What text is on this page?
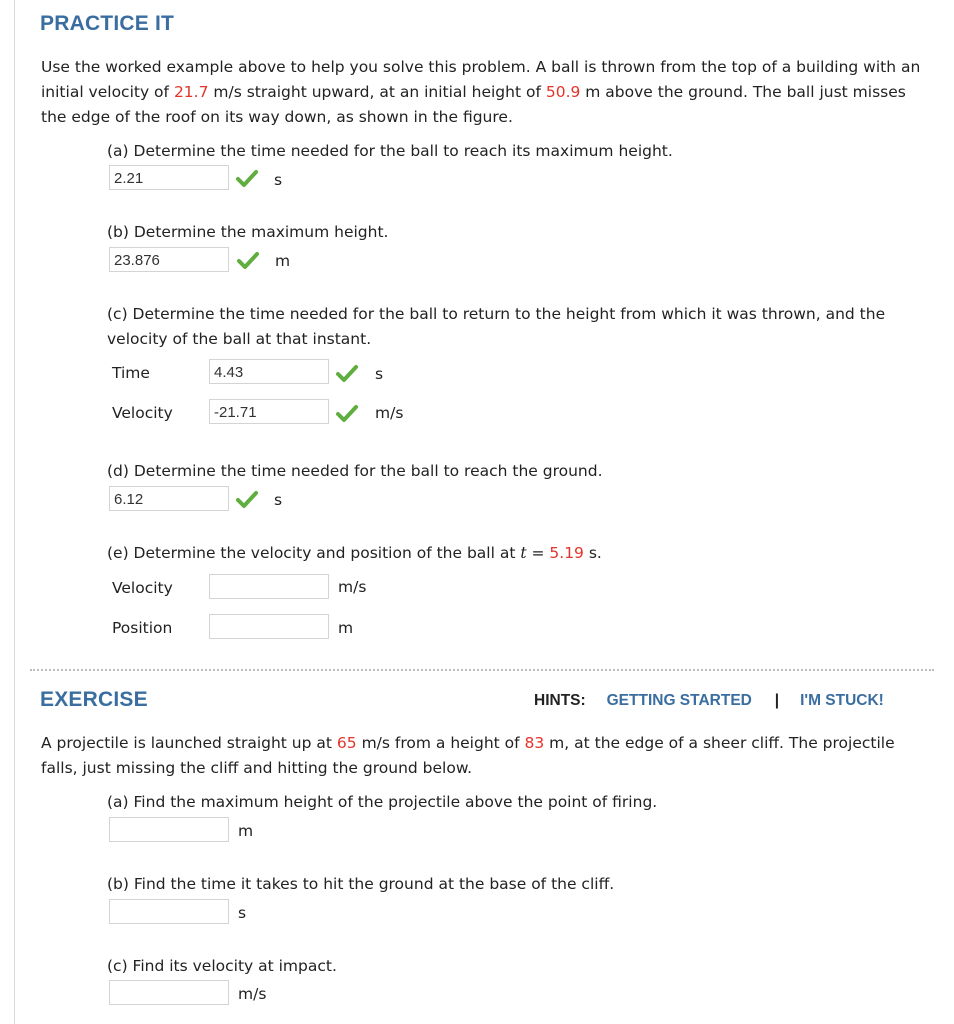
PRACTICE IT
Use the worked example above to help you solve this problem. A ball is thrown from the top of a building with an initial velocity of 21.7 m/s straight upward, at an initial height of 50.9 m above the ground. The ball just misses the edge of the roof on its way down, as shown in the figure.
(a) Determine the time needed for the ball to reach its maximum height.
2.21
s
(b) Determine the maximum height.
23.876
m
(c) Determine the time needed for the ball to return to the height from which it was thrown, and the velocity of the ball at that instant.
Time
4.43	s
Velocity
-21.71	m/s
(d) Determine the time needed for the ball to reach the ground.
6.12
s
(e) Determine the velocity and position of the ball at t = 5.19 s.
Velocity	m/s
Position	m
EXERCISE	HINTS: GETTING STARTED | I'M STUCK!
A projectile is launched straight up at 65 m/s from a height of 83 m, at the edge of a sheer cliff. The projectile falls, just missing the cliff and hitting the ground below.
(a) Find the maximum height of the projectile above the point of firing.
m
(b) Find the time it takes to hit the ground at the base of the cliff.
s
(c) Find its velocity at impact.
m/s
